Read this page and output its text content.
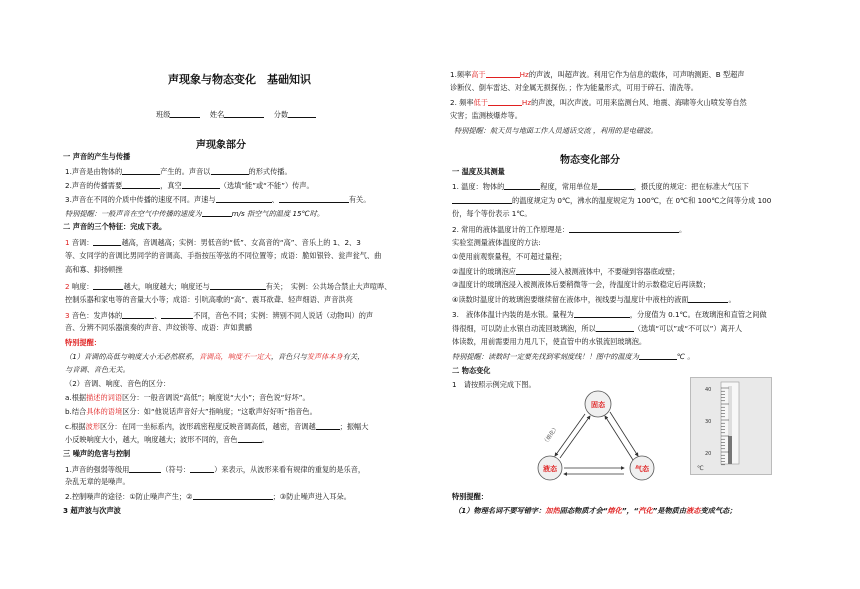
声现象与物态变化　基础知识
班级　	姓名　	分数
声现象部分
一 声音的产生与传播
1.声音是由物体的	产生的。声音以	的形式传播。
2.声音的传播需要	，真空	（选填“能”或“不能”）传声。
3.声音在不同的介质中传播的速度不同。声速与	、	有关。
特别提醒：一般声音在空气中传播的速度为	m/s 指空气的温度 15℃时。
二 声音的三个特征：完成下表。
1 音调：	越高，音调越高；实例：男低音的“低”、女高音的“高”、音乐上的 1、2、3
等、女同学的音调比男同学的音调高、手指按压等弦的不同位置等；成语：脆如银铃、瓮声瓮气、曲
高和寡、抑扬顿挫
2 响度：	越大，响度越大；响度还与	有关；　实例：公共场合禁止大声喧哗、
控制乐器和家电等的音量大小等；成语：引吭高歌的“高”、震耳欲聋、轻声细语、声音洪亮
3 音色：发声体的	、	不同，音色不同；实例：辨别不同人说话（动物叫）的声
音、分辨不同乐器演奏的声音、声纹锁等、成语：声如黄鹂
特别提醒：
（1）音调的高低与响度大小无必然联系，音调高，响度不一定大，音色只与发声体本身有关，
与音调、音色无关。
（2）音调、响度、音色的区分：
a.根据描述的词语区分：一般音调说“高低”；响度说“大小”；音色说“好坏”。
b.结合具体的语境区分：如“他说话声音好大”指响度；“这歌声好好听”指音色。
c.根据波形区分：在同一坐标系内，波形疏密程度反映音调高低，越密，音调越	；振幅大
小反映响度大小，越大，响度越大；波形不同的，音色	。
三 噪声的危害与控制
1.声音的强弱等级用	（符号：	）来表示，从波形来看有规律的重复的是乐音，
杂乱无章的是噪声。
2.控制噪声的途径：①防止噪声产生；②	；③防止噪声进入耳朵。
3 超声波与次声波
1.频率高于	Hz的声波，叫超声波。利用它作为信息的载体，可声呐测距、B 型超声
诊断仪、倒车雷达、对金属无损探伤．；作为能量形式，可用于碎石、清洗等。
2. 频率低于	Hz的声波，叫次声波。可用来监测台风、地震、海啸等火山喷发等自然
灾害；监测核爆炸等。
特别提醒：航天员与地面工作人员通话交流 ，利用的是电磁波。
物态变化部分
一 温度及其测量
1. 温度：物体的	程度，常用单位是	，摄氏度的规定：把在标准大气压下
的温度规定为 0℃，沸水的温度规定为 100℃，在 0℃和 100℃之间等分成 100
份，每个等份表示 1℃。
2. 常用的液体温度计的工作原理是：	。
实验室测量液体温度的方法:
①使用前观察量程，不可超过量程；
②温度计的玻璃泡应	浸入被测液体中，不要碰到容器底或壁；
③温度计的玻璃泡浸入被测液体后要稍微等一会，待温度计的示数稳定后再读数；
④读数时温度计的玻璃泡要继续留在液体中，视线要与温度计中液柱的液面	。
3.　液体体温计内装的是水银。量程为	，分度值为 0.1℃。在玻璃泡和直管之间做
得很细，可以防止水银自动流回玻璃泡，所以	（选填“可以”或“不可以”）离开人
体读数，用前需要用力甩几下，使直管中的水银流回玻璃泡。
特别提醒：读数时一定要先找到零刻度线！！图中的温度为	℃ 。
二 物态变化
1　 请按照示例完成下图。
固态
液态	气态
（熔化）
40
30
20
℃
特别提醒：
（1）物理名词不要写错字：加热固态物质才会“熔化”，“汽化”是物质由液态变成气态；
